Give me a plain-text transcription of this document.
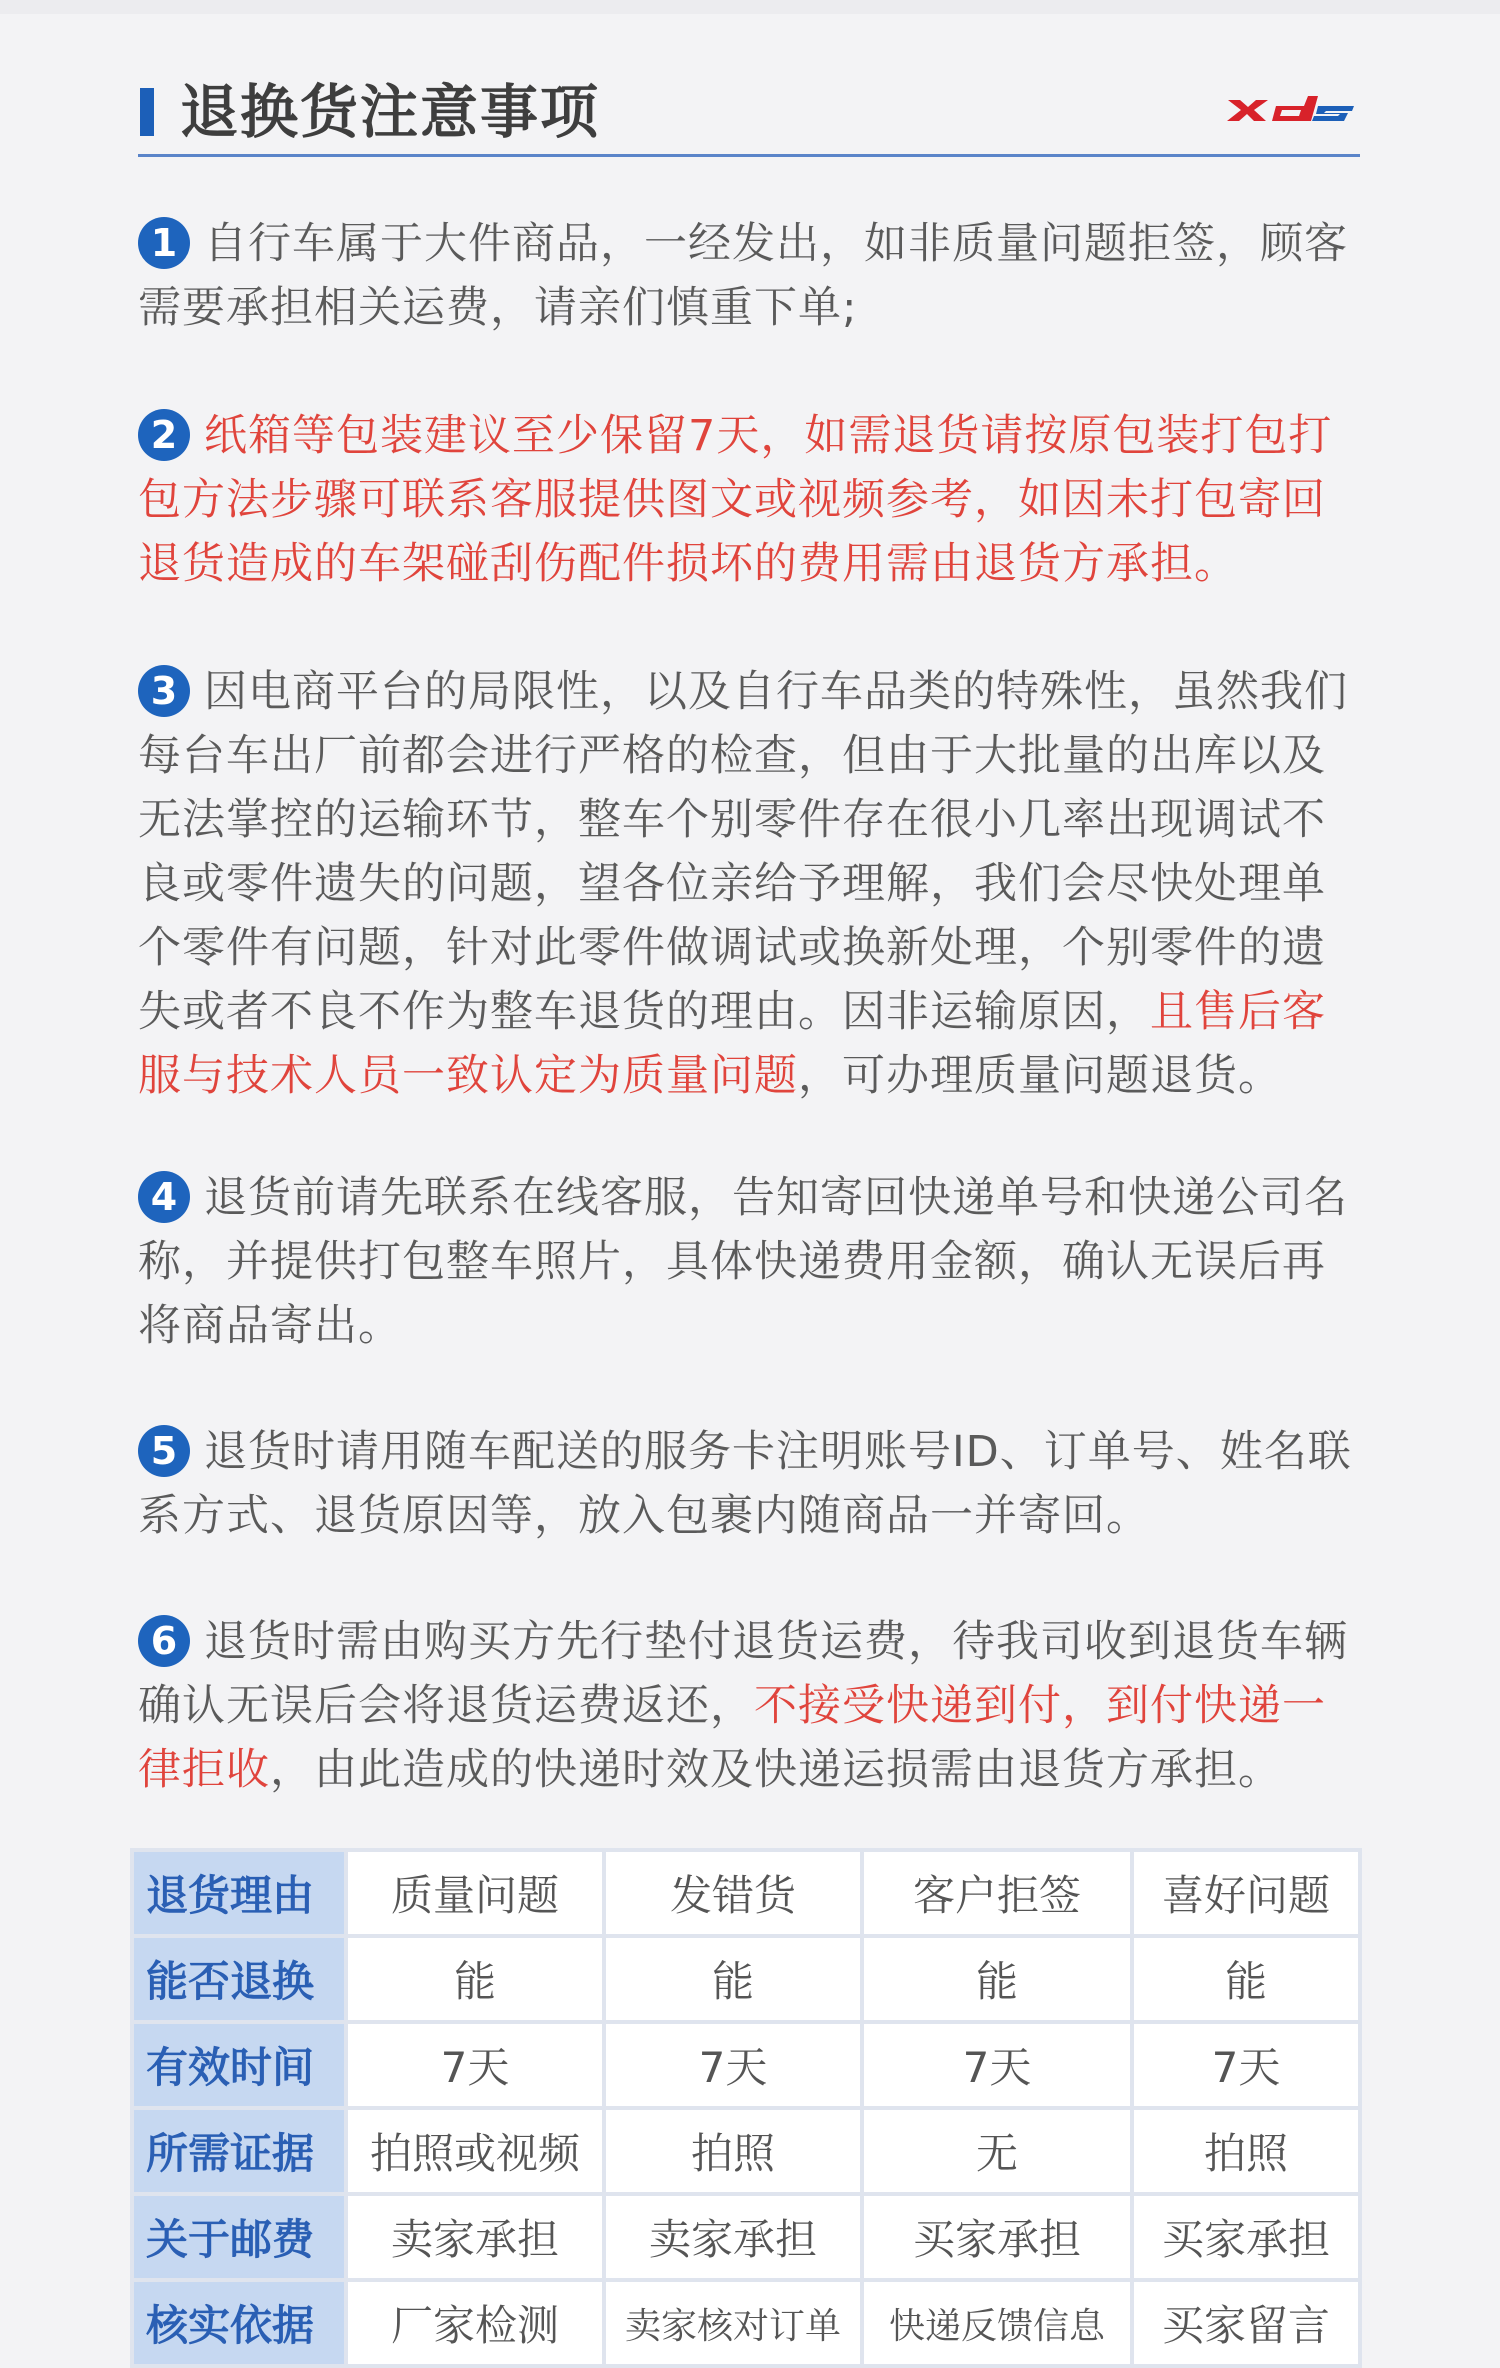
退换货注意事项
1 自行车属于大件商品，一经发出，如非质量问题拒签，顾客需要承担相关运费，请亲们慎重下单;
2 纸箱等包装建议至少保留7天，如需退货请按原包装打包打包方法步骤可联系客服提供图文或视频参考，如因未打包寄回退货造成的车架碰刮伤配件损坏的费用需由退货方承担。
3 因电商平台的局限性，以及自行车品类的特殊性，虽然我们每台车出厂前都会进行严格的检查，但由于大批量的出库以及无法掌控的运输环节，整车个别零件存在很小几率出现调试不良或零件遗失的问题，望各位亲给予理解，我们会尽快处理单个零件有问题，针对此零件做调试或换新处理，个别零件的遗失或者不良不作为整车退货的理由。因非运输原因，且售后客服与技术人员一致认定为质量问题，可办理质量问题退货。
4 退货前请先联系在线客服，告知寄回快递单号和快递公司名称，并提供打包整车照片，具体快递费用金额，确认无误后再将商品寄出。
5 退货时请用随车配送的服务卡注明账号ID、订单号、姓名联系方式、退货原因等，放入包裹内随商品一并寄回。
6 退货时需由购买方先行垫付退货运费，待我司收到退货车辆确认无误后会将退货运费返还，不接受快递到付，到付快递一律拒收，由此造成的快递时效及快递运损需由退货方承担。
退货理由	质量问题	发错货	客户拒签	喜好问题
能否退换	能	能	能	能
有效时间	7天	7天	7天	7天
所需证据	拍照或视频	拍照	无	拍照
关于邮费	卖家承担	卖家承担	买家承担	买家承担
核实依据	厂家检测	卖家核对订单	快递反馈信息	买家留言
